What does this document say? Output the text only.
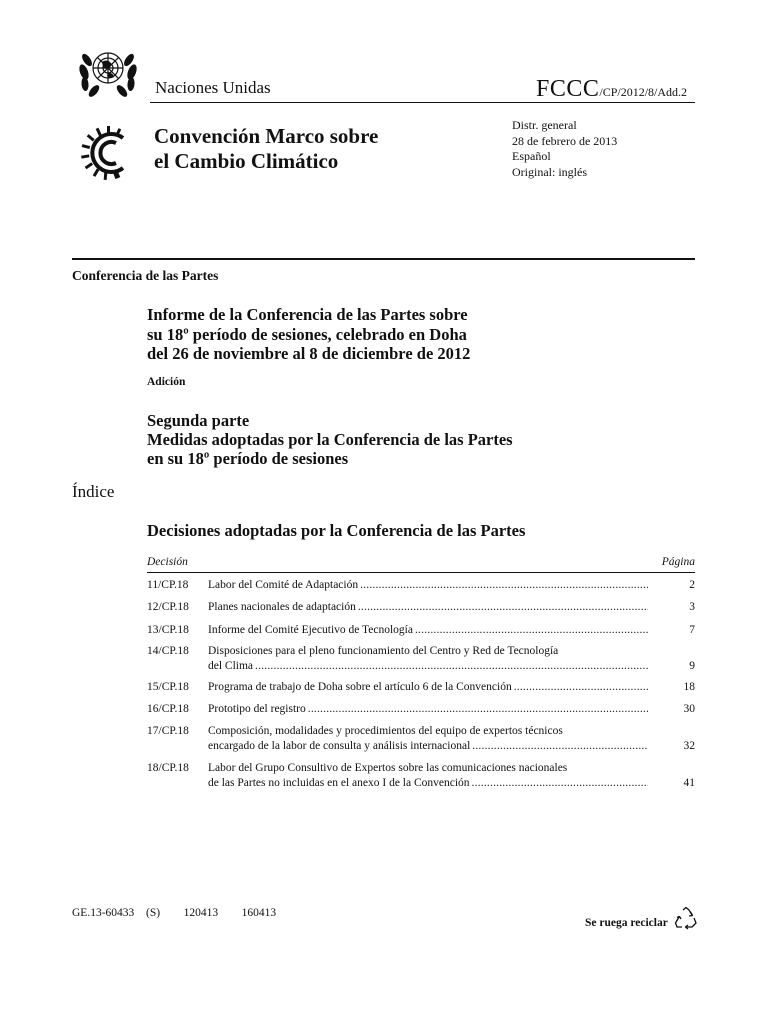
Naciones Unidas	FCCC/CP/2012/8/Add.2
Convención Marco sobre
el Cambio Climático
Distr. general
28 de febrero de 2013
Español
Original: inglés
Conferencia de las Partes
Informe de la Conferencia de las Partes sobre
su 18º período de sesiones, celebrado en Doha
del 26 de noviembre al 8 de diciembre de 2012
Adición
Segunda parte
Medidas adoptadas por la Conferencia de las Partes
en su 18º período de sesiones
Índice
Decisiones adoptadas por la Conferencia de las Partes
Decisión	Página
11/CP.18 Labor del Comité de Adaptación .....	2
12/CP.18 Planes nacionales de adaptación .....	3
13/CP.18 Informe del Comité Ejecutivo de Tecnología .....	7
14/CP.18 Disposiciones para el pleno funcionamiento del Centro y Red de Tecnología
del Clima .....	9
15/CP.18 Programa de trabajo de Doha sobre el artículo 6 de la Convención .....	18
16/CP.18 Prototipo del registro .....	30
17/CP.18 Composición, modalidades y procedimientos del equipo de expertos técnicos
encargado de la labor de consulta y análisis internacional .....	32
18/CP.18 Labor del Grupo Consultivo de Expertos sobre las comunicaciones nacionales
de las Partes no incluidas en el anexo I de la Convención .....	41
GE.13-60433  (S)    120413    160413
Se ruega reciclar
